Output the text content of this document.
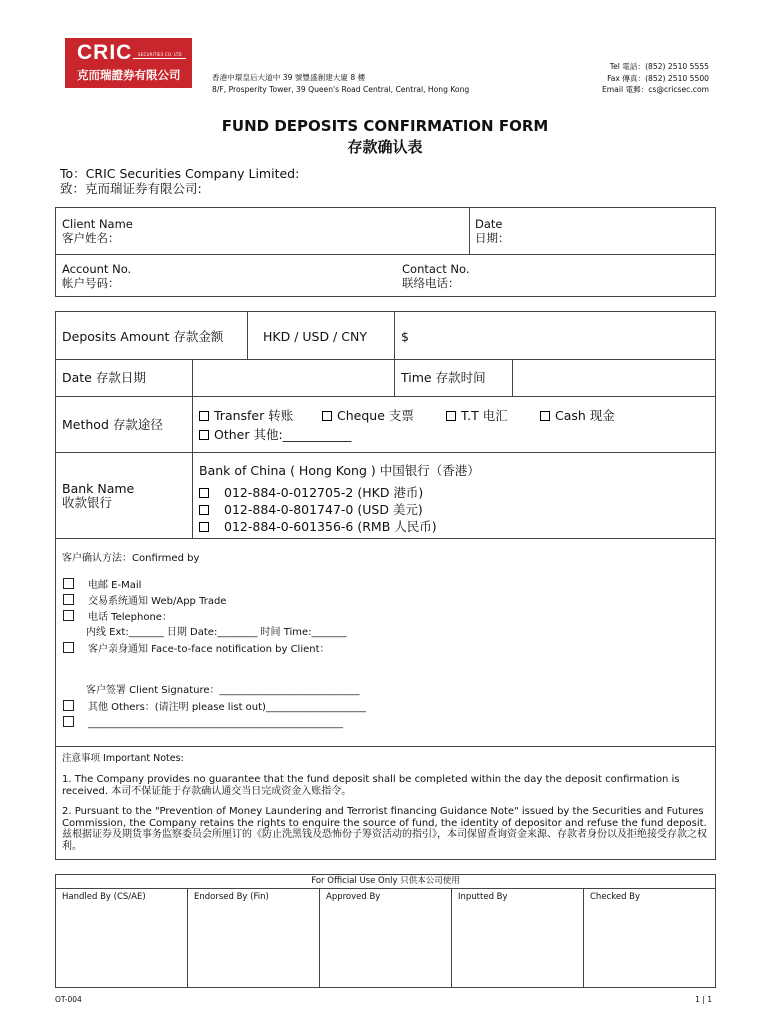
CRIC SECURITIES CO. LTD
克而瑞證券有限公司	香港中環皇后大道中 39 號豐盛創建大廈 8 樓
8/F, Prosperity Tower, 39 Queen's Road Central, Central, Hong Kong
Tel 電話：(852) 2510 5555
Fax 傳真：(852) 2510 5500
Email 電郵：cs@cricsec.com
FUND DEPOSITS CONFIRMATION FORM
存款确认表
To：CRIC Securities Company Limited:
致：克而瑞证券有限公司:
Client Name
客户姓名：
Date
日期：
Account No.
帐户号码：
Contact No.
联络电话：
Deposits Amount 存款金额	HKD / USD / CNY	$
Date 存款日期	Time 存款时间
Method 存款途径
Transfer 转账	Cheque 支票	T.T 电汇	Cash 现金
Other 其他:___________
Bank Name
收款银行
Bank of China ( Hong Kong ) 中国银行（香港）
012-884-0-012705-2 (HKD 港币)
012-884-0-801747-0 (USD 美元)
012-884-0-601356-6 (RMB 人民币)
客户确认方法：Confirmed by
电邮 E-Mail
交易系统通知 Web/App Trade
电话 Telephone：
内线 Ext:_______ 日期 Date:________ 时间 Time:_______
客户亲身通知 Face-to-face notification by Client：
客户签署 Client Signature：____________________________
其他 Others：(请注明 please list out)____________________
___________________________________________________
注意事项 Important Notes:
1. The Company provides no guarantee that the fund deposit shall be completed within the day the deposit confirmation is received. 本司不保证能于存款确认通交当日完成资金入账指令。
2. Pursuant to the "Prevention of Money Laundering and Terrorist financing Guidance Note" issued by the Securities and Futures Commission, the Company retains the rights to enquire the source of fund, the identity of depositor and refuse the fund deposit. 兹根据证券及期货事务监察委员会所厘订的《防止洗黑钱及恐怖份子筹资活动的指引》，本司保留查询资金来源、存款者身份以及拒绝接受存款之权利。
For Official Use Only 只供本公司使用
Handled By (CS/AE)	Endorsed By (Fin)	Approved By	Inputted By	Checked By
OT-004	1 | 1
